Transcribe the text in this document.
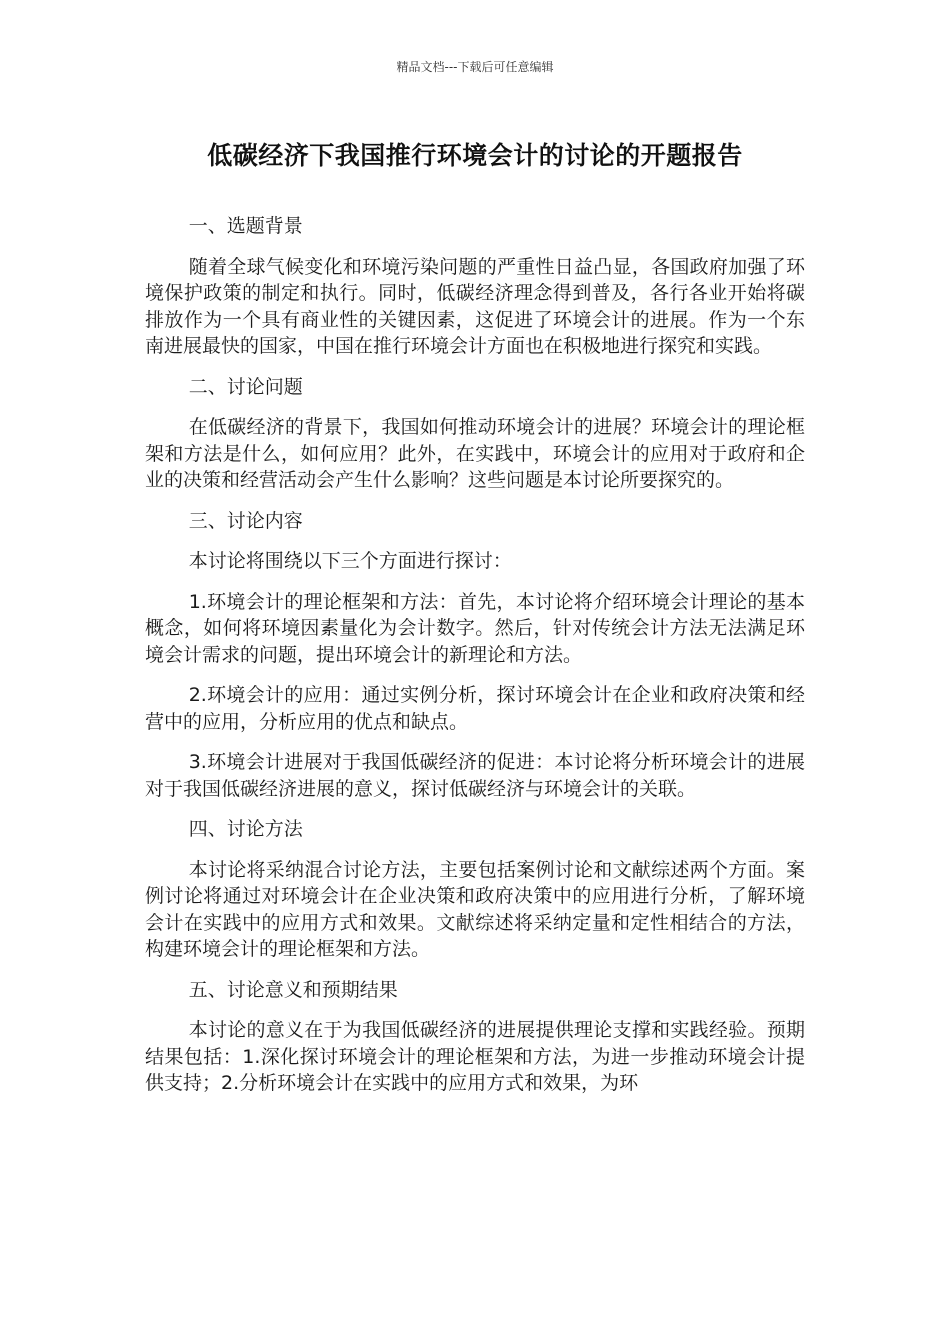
精品文档---下载后可任意编辑
低碳经济下我国推行环境会计的讨论的开题报告

一、选题背景

随着全球气候变化和环境污染问题的严重性日益凸显，各国政府加强了环境保护政策的制定和执行。同时，低碳经济理念得到普及，各行各业开始将碳排放作为一个具有商业性的关键因素，这促进了环境会计的进展。作为一个东南进展最快的国家，中国在推行环境会计方面也在积极地进行探究和实践。

二、讨论问题

在低碳经济的背景下，我国如何推动环境会计的进展？环境会计的理论框架和方法是什么，如何应用？此外，在实践中，环境会计的应用对于政府和企业的决策和经营活动会产生什么影响？这些问题是本讨论所要探究的。

三、讨论内容

本讨论将围绕以下三个方面进行探讨：

1.环境会计的理论框架和方法：首先，本讨论将介绍环境会计理论的基本概念，如何将环境因素量化为会计数字。然后，针对传统会计方法无法满足环境会计需求的问题，提出环境会计的新理论和方法。

2.环境会计的应用：通过实例分析，探讨环境会计在企业和政府决策和经营中的应用，分析应用的优点和缺点。

3.环境会计进展对于我国低碳经济的促进：本讨论将分析环境会计的进展对于我国低碳经济进展的意义，探讨低碳经济与环境会计的关联。

四、讨论方法

本讨论将采纳混合讨论方法，主要包括案例讨论和文献综述两个方面。案例讨论将通过对环境会计在企业决策和政府决策中的应用进行分析，了解环境会计在实践中的应用方式和效果。文献综述将采纳定量和定性相结合的方法，构建环境会计的理论框架和方法。

五、讨论意义和预期结果

本讨论的意义在于为我国低碳经济的进展提供理论支撑和实践经验。预期结果包括：1.深化探讨环境会计的理论框架和方法，为进一步推动环境会计提供支持；2.分析环境会计在实践中的应用方式和效果，为环
